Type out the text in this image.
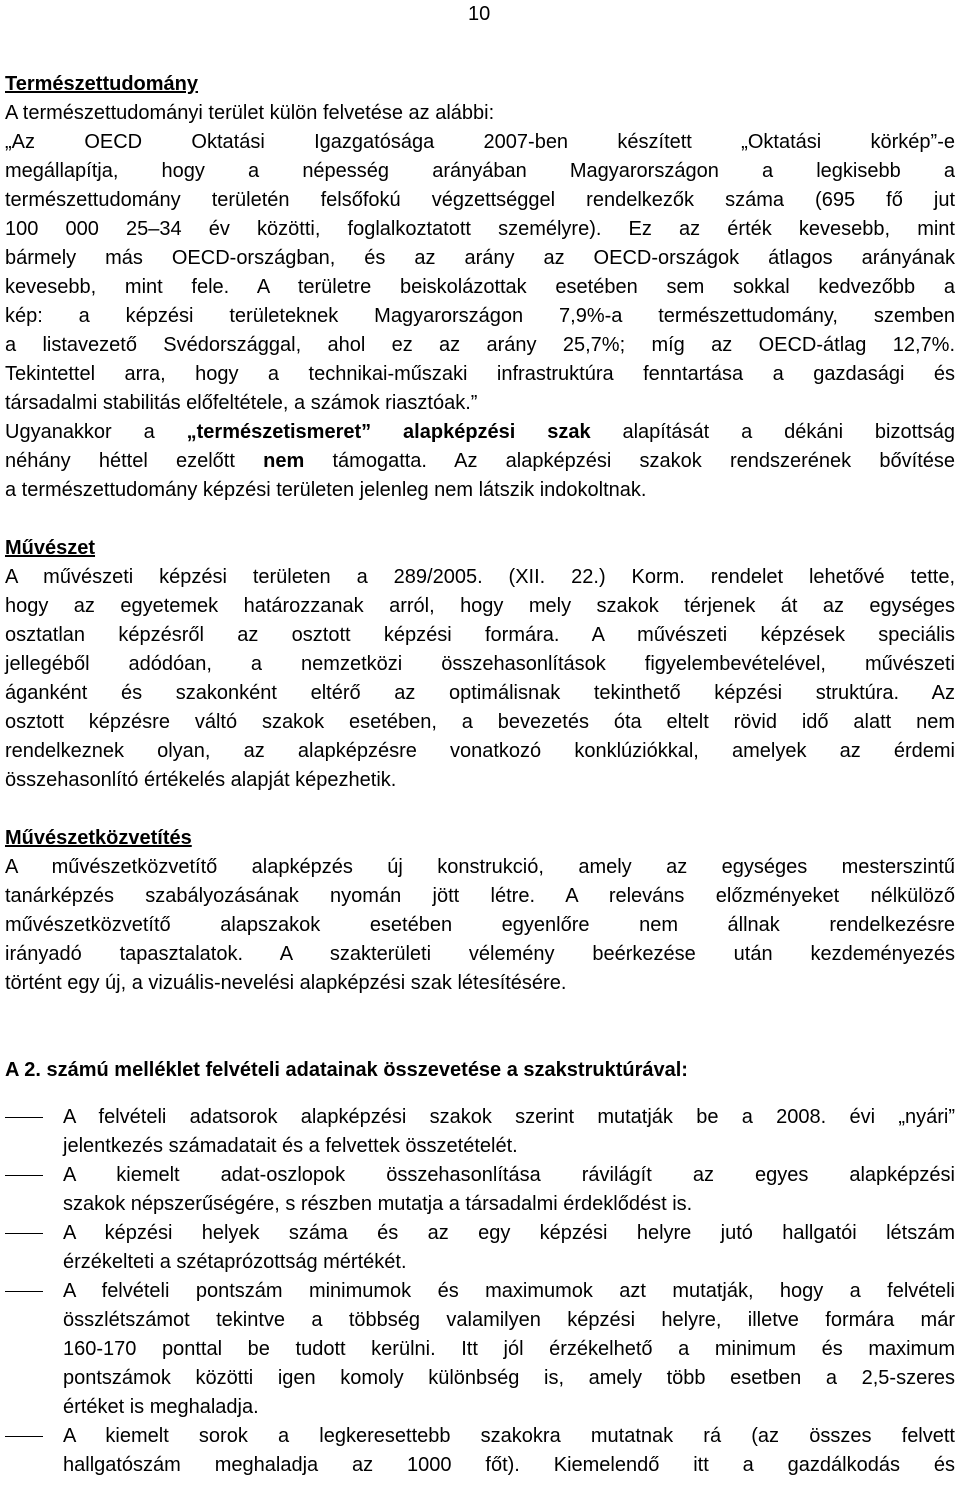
10

Természettudomány

A természettudományi terület külön felvetése az alábbi:
„Az OECD Oktatási Igazgatósága 2007-ben készített „Oktatási körkép”-e
megállapítja, hogy a népesség arányában Magyarországon a legkisebb a
természettudomány területén felsőfokú végzettséggel rendelkezők száma (695 fő jut
100 000 25–34 év közötti, foglalkoztatott személyre). Ez az érték kevesebb, mint
bármely más OECD-országban, és az arány az OECD-országok átlagos arányának
kevesebb, mint fele. A területre beiskolázottak esetében sem sokkal kedvezőbb a
kép: a képzési területeknek Magyarországon 7,9%-a természettudomány, szemben
a listavezető Svédországgal, ahol ez az arány 25,7%; míg az OECD-átlag 12,7%.
Tekintettel arra, hogy a technikai-műszaki infrastruktúra fenntartása a gazdasági és
társadalmi stabilitás előfeltétele, a számok riasztóak.”
Ugyanakkor a „természetismeret” alapképzési szak alapítását a dékáni bizottság
néhány héttel ezelőtt nem támogatta. Az alapképzési szakok rendszerének bővítése
a természettudomány képzési területen jelenleg nem látszik indokoltnak.

Művészet

A művészeti képzési területen a 289/2005. (XII. 22.) Korm. rendelet lehetővé tette,
hogy az egyetemek határozzanak arról, hogy mely szakok térjenek át az egységes
osztatlan képzésről az osztott képzési formára. A művészeti képzések speciális
jellegéből adódóan, a nemzetközi összehasonlítások figyelembevételével, művészeti
áganként és szakonként eltérő az optimálisnak tekinthető képzési struktúra. Az
osztott képzésre váltó szakok esetében, a bevezetés óta eltelt rövid idő alatt nem
rendelkeznek olyan, az alapképzésre vonatkozó konklúziókkal, amelyek az érdemi
összehasonlító értékelés alapját képezhetik.

Művészetközvetítés

A művészetközvetítő alapképzés új konstrukció, amely az egységes mesterszintű
tanárképzés szabályozásának nyomán jött létre. A releváns előzményeket nélkülöző
művészetközvetítő alapszakok esetében egyenlőre nem állnak rendelkezésre
irányadó tapasztalatok. A szakterületi vélemény beérkezése után kezdeményezés
történt egy új, a vizuális-nevelési alapképzési szak létesítésére.

A 2. számú melléklet felvételi adatainak összevetése a szakstruktúrával:

A felvételi adatsorok alapképzési szakok szerint mutatják be a 2008. évi „nyári”
jelentkezés számadatait és a felvettek összetételét.
A kiemelt adat-oszlopok összehasonlítása rávilágít az egyes alapképzési
szakok népszerűségére, s részben mutatja a társadalmi érdeklődést is.
A képzési helyek száma és az egy képzési helyre jutó hallgatói létszám
érzékelteti a szétaprózottság mértékét.
A felvételi pontszám minimumok és maximumok azt mutatják, hogy a felvételi
összlétszámot tekintve a többség valamilyen képzési helyre, illetve formára már
160-170 ponttal be tudott kerülni. Itt jól érzékelhető a minimum és maximum
pontszámok közötti igen komoly különbség is, amely több esetben a 2,5-szeres
értéket is meghaladja.
A kiemelt sorok a legkeresettebb szakokra mutatnak rá (az összes felvett
hallgatószám meghaladja az 1000 főt). Kiemelendő itt a gazdálkodás és
